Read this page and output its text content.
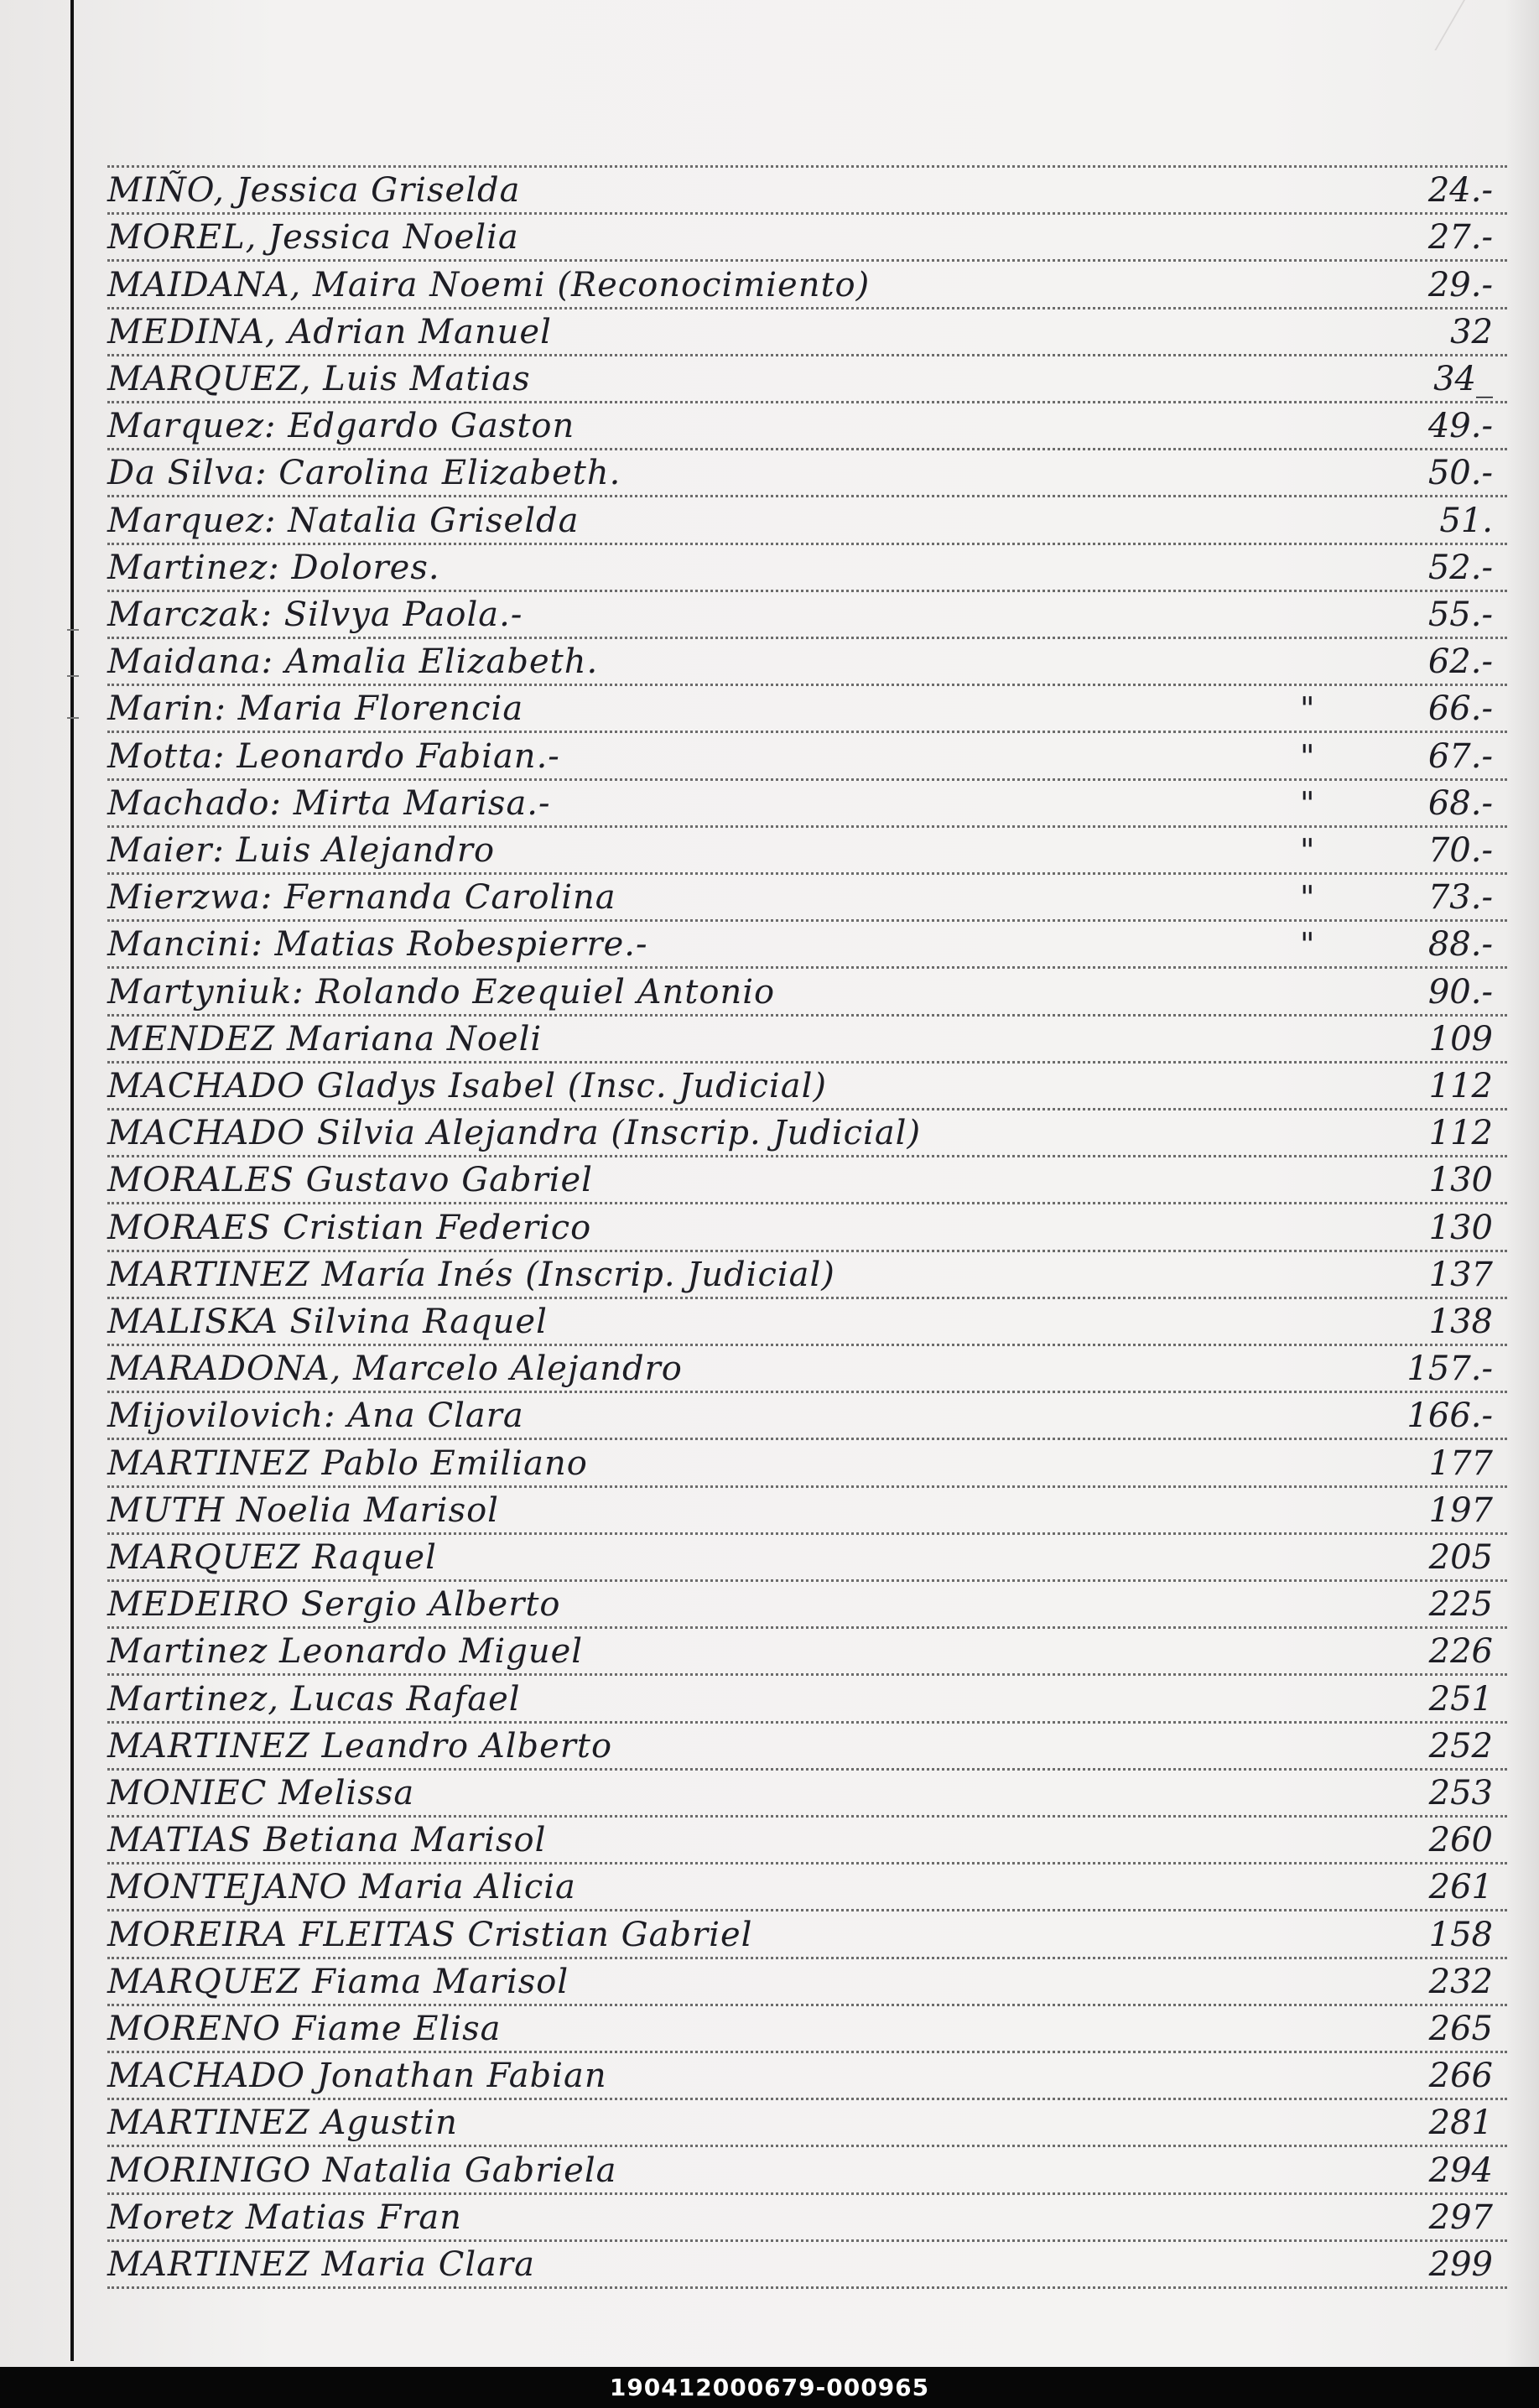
MIÑO, Jessica Griselda	24.-
MOREL, Jessica Noelia	27.-
MAIDANA, Maira Noemi (Reconocimiento)	29.-
MEDINA, Adrian Manuel	32
MARQUEZ, Luis Matias	34_
Marquez: Edgardo Gaston	49.-
Da Silva: Carolina Elizabeth.	50.-
Marquez: Natalia Griselda	51.
Martinez: Dolores.	52.-
Marczak: Silvya Paola.-	55.-
Maidana: Amalia Elizabeth.	62.-
Marin: Maria Florencia	"	66.-
Motta: Leonardo Fabian.-	"	67.-
Machado: Mirta Marisa.-	"	68.-
Maier: Luis Alejandro	"	70.-
Mierzwa: Fernanda Carolina	"	73.-
Mancini: Matias Robespierre.-	"	88.-
Martyniuk: Rolando Ezequiel Antonio	90.-
MENDEZ Mariana Noeli	109
MACHADO Gladys Isabel (Insc. Judicial)	112
MACHADO Silvia Alejandra (Inscrip. Judicial)	112
MORALES Gustavo Gabriel	130
MORAES Cristian Federico	130
MARTINEZ María Inés (Inscrip. Judicial)	137
MALISKA Silvina Raquel	138
MARADONA, Marcelo Alejandro	157.-
Mijovilovich: Ana Clara	166.-
MARTINEZ Pablo Emiliano	177
MUTH Noelia Marisol	197
MARQUEZ Raquel	205
MEDEIRO Sergio Alberto	225
Martinez Leonardo Miguel	226
Martinez, Lucas Rafael	251
MARTINEZ Leandro Alberto	252
MONIEC Melissa	253
MATIAS Betiana Marisol	260
MONTEJANO Maria Alicia	261
MOREIRA FLEITAS Cristian Gabriel	158
MARQUEZ Fiama Marisol	232
MORENO Fiame Elisa	265
MACHADO Jonathan Fabian	266
MARTINEZ Agustin	281
MORINIGO Natalia Gabriela	294
Moretz Matias Fran	297
MARTINEZ Maria Clara	299
190412000679-000965
